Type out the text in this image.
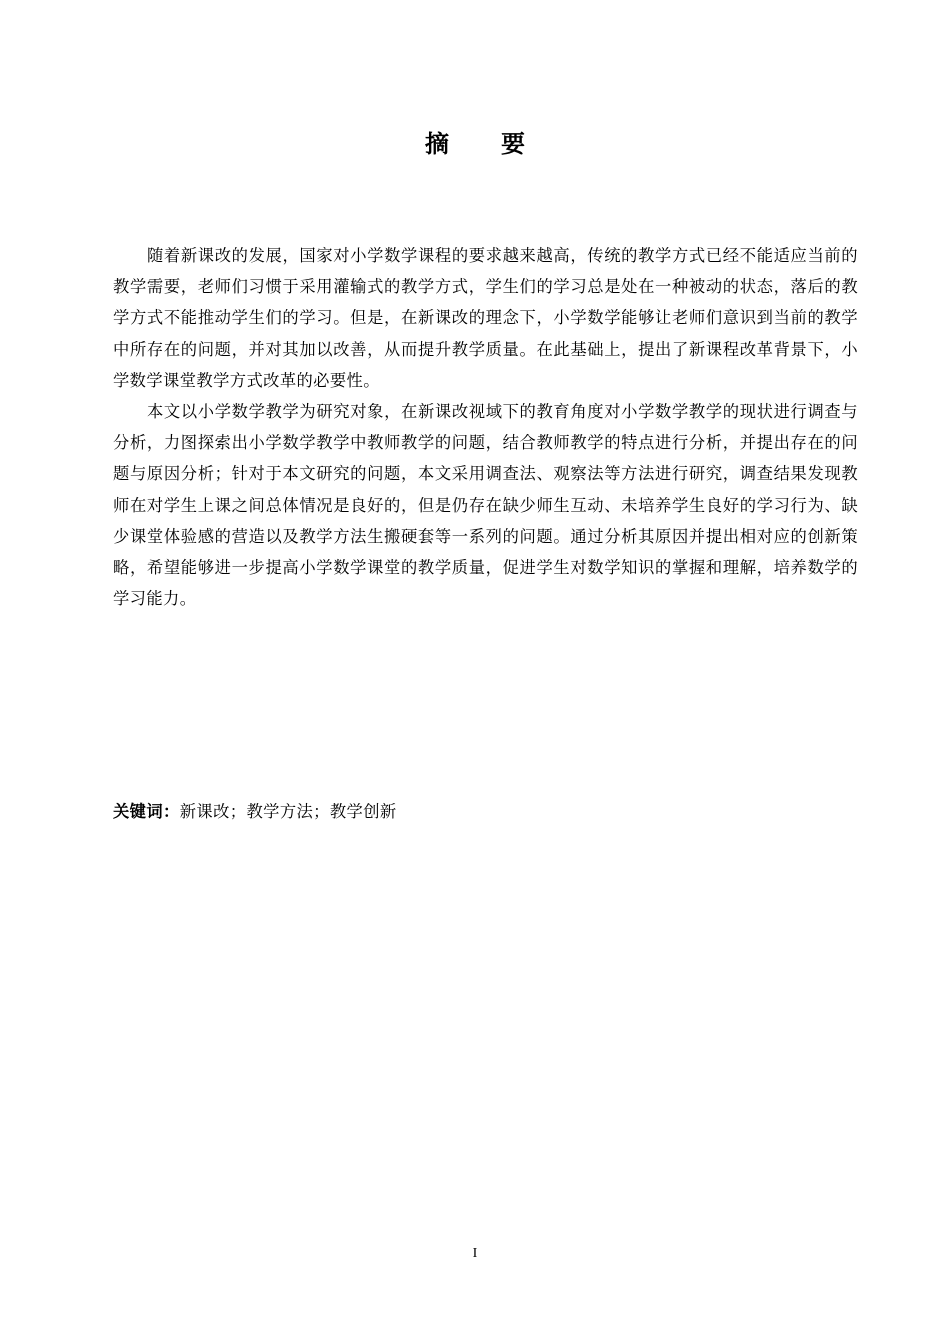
摘　要

随着新课改的发展，国家对小学数学课程的要求越来越高，传统的教学方式已经不能适应当前的教学需要，老师们习惯于采用灌输式的教学方式，学生们的学习总是处在一种被动的状态，落后的教学方式不能推动学生们的学习。但是，在新课改的理念下，小学数学能够让老师们意识到当前的教学中所存在的问题，并对其加以改善，从而提升教学质量。在此基础上，提出了新课程改革背景下，小学数学课堂教学方式改革的必要性。

本文以小学数学教学为研究对象，在新课改视域下的教育角度对小学数学教学的现状进行调查与分析，力图探索出小学数学教学中教师教学的问题，结合教师教学的特点进行分析，并提出存在的问题与原因分析；针对于本文研究的问题，本文采用调查法、观察法等方法进行研究，调查结果发现教师在对学生上课之间总体情况是良好的，但是仍存在缺少师生互动、未培养学生良好的学习行为、缺少课堂体验感的营造以及教学方法生搬硬套等一系列的问题。通过分析其原因并提出相对应的创新策略，希望能够进一步提高小学数学课堂的教学质量，促进学生对数学知识的掌握和理解，培养数学的学习能力。

关键词：新课改；教学方法；教学创新
I
